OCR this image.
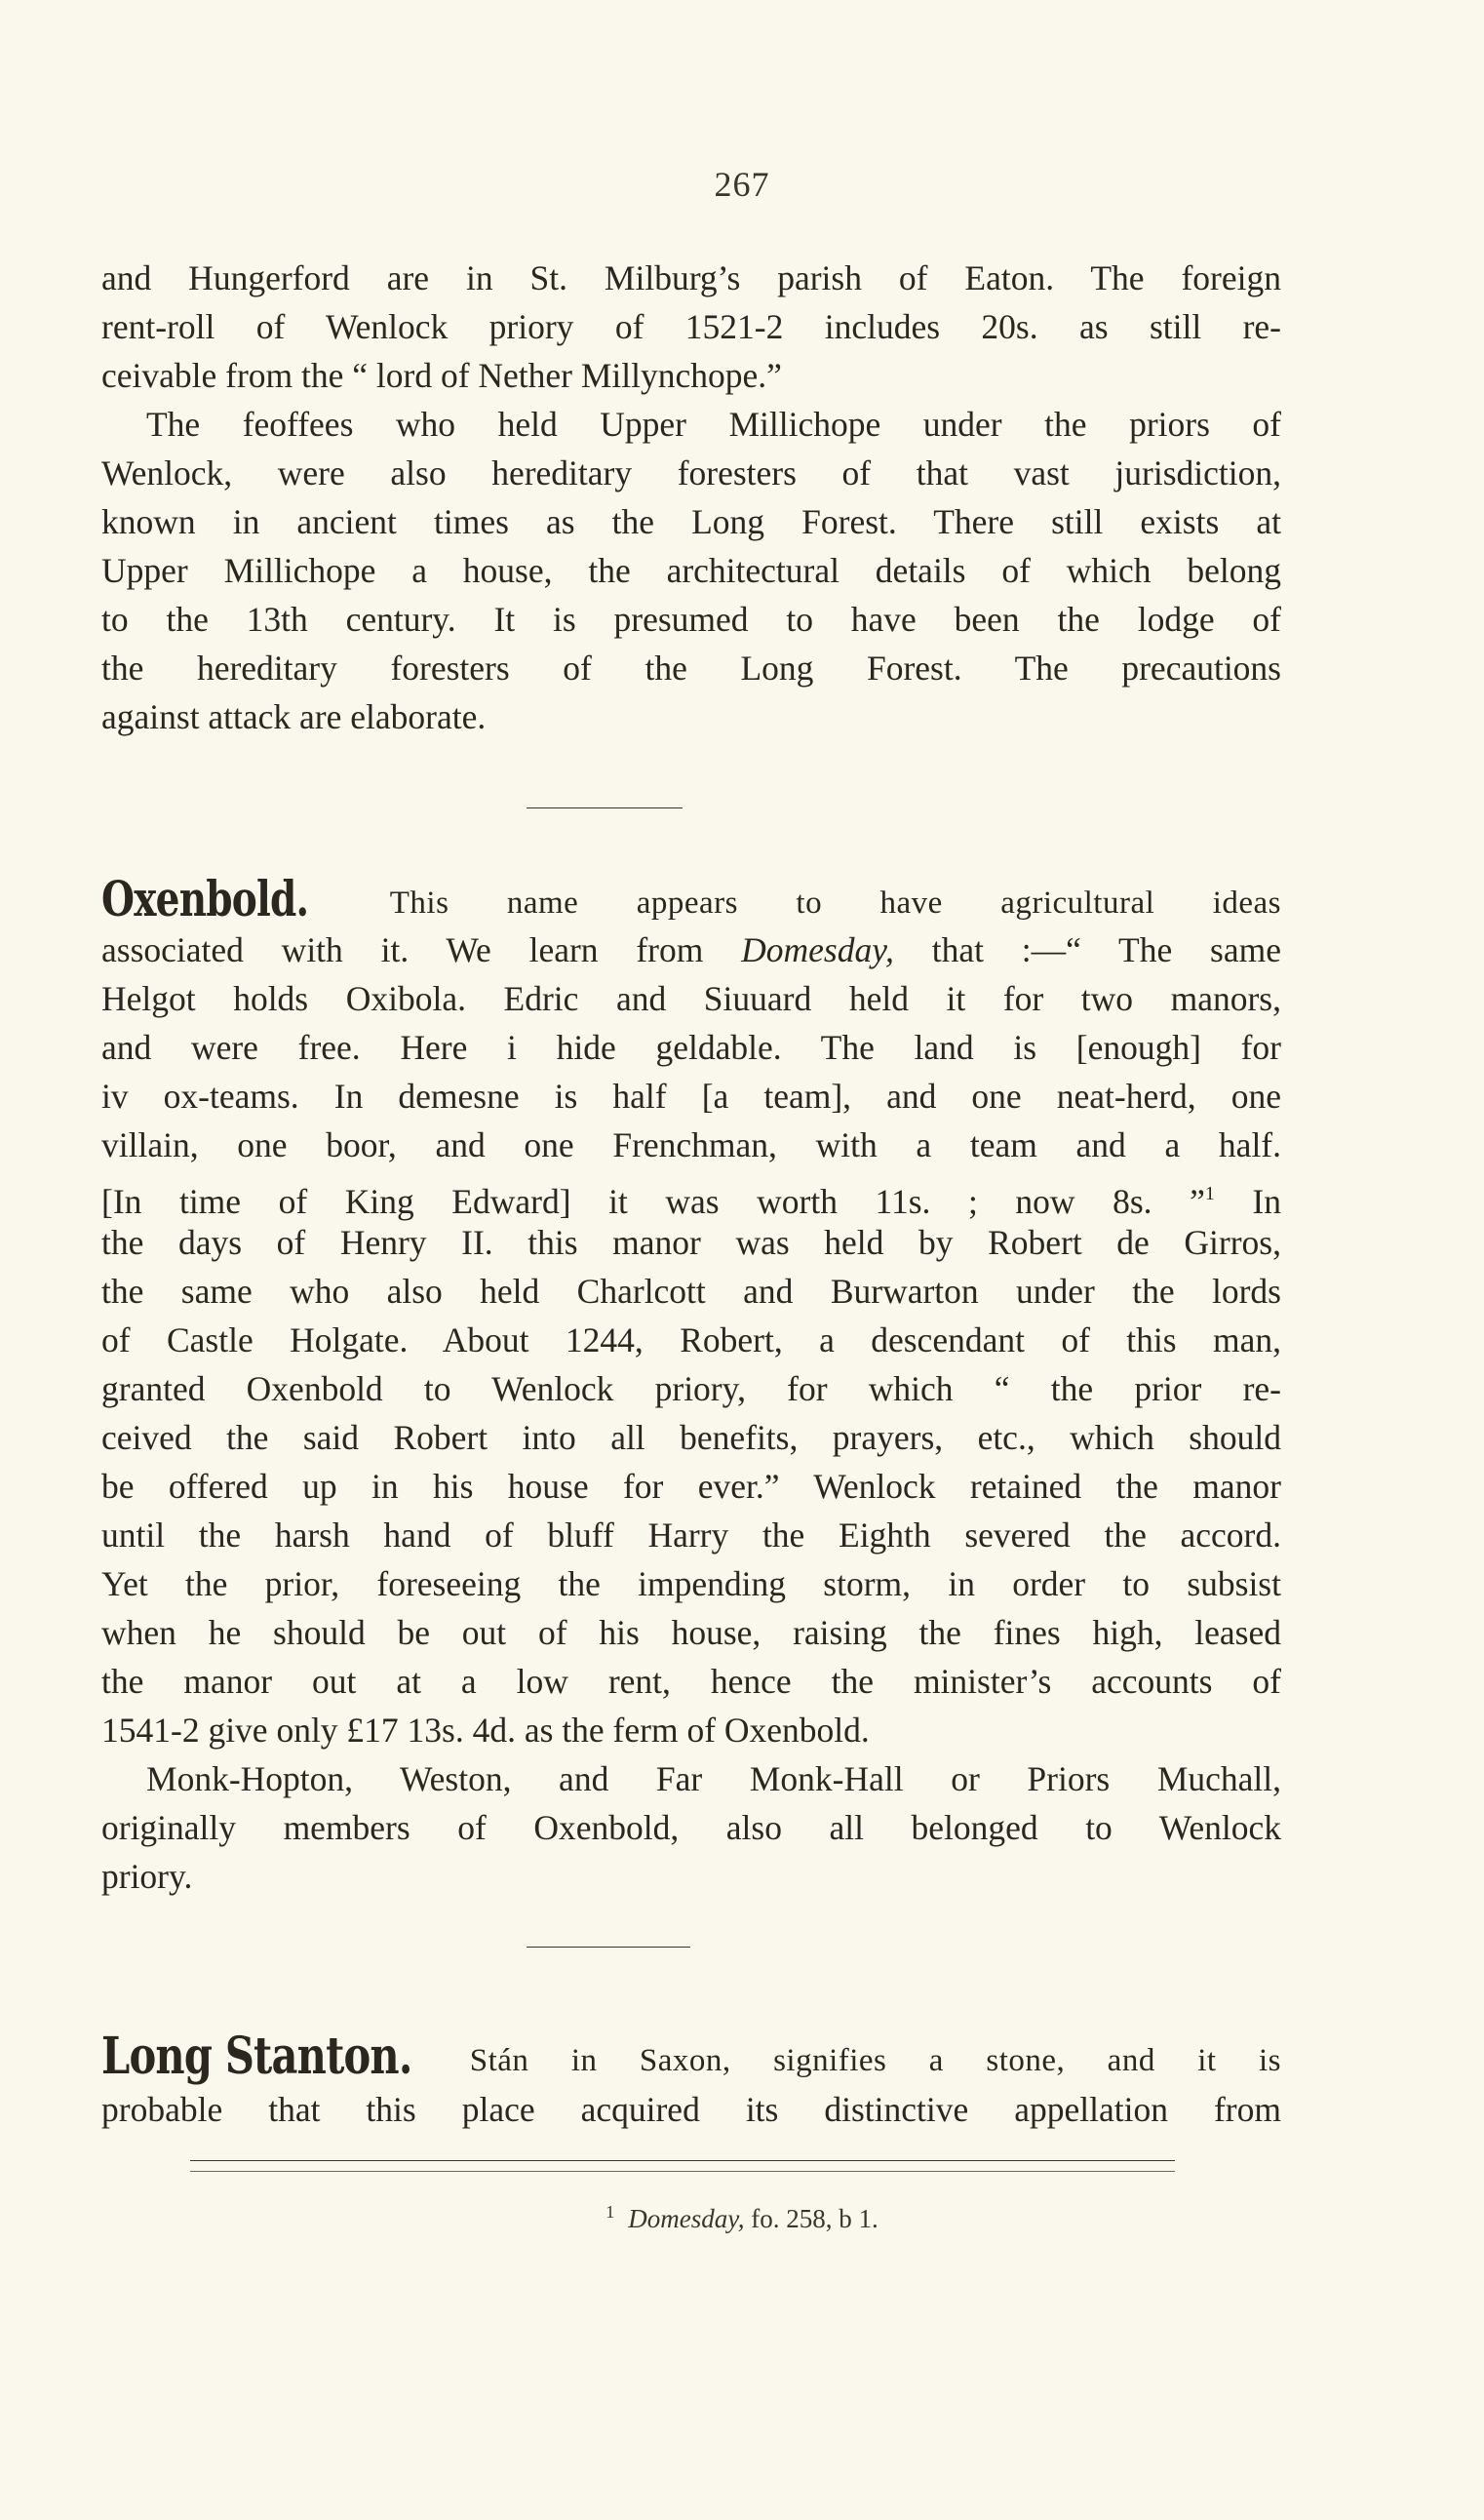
267
and Hungerford are in St. Milburg’s parish of Eaton. The foreign
rent-roll of Wenlock priory of 1521-2 includes 20s. as still re-
ceivable from the “ lord of Nether Millynchope.”
The feoffees who held Upper Millichope under the priors of
Wenlock, were also hereditary foresters of that vast jurisdiction,
known in ancient times as the Long Forest. There still exists at
Upper Millichope a house, the architectural details of which belong
to the 13th century. It is presumed to have been the lodge of
the hereditary foresters of the Long Forest. The precautions
against attack are elaborate.
Oxenbold.	This name appears to have agricultural ideas
associated with it. We learn from Domesday, that :—“ The same
Helgot holds Oxibola. Edric and Siuuard held it for two manors,
and were free. Here i hide geldable. The land is [enough] for
iv ox-teams. In demesne is half [a team], and one neat-herd, one
villain, one boor, and one Frenchman, with a team and a half.
[In time of King Edward] it was worth 11s. ; now 8s. ”$^1$ In
the days of Henry II. this manor was held by Robert de Girros,
the same who also held Charlcott and Burwarton under the lords
of Castle Holgate. About 1244, Robert, a descendant of this man,
granted Oxenbold to Wenlock priory, for which “ the prior re-
ceived the said Robert into all benefits, prayers, etc., which should
be offered up in his house for ever.” Wenlock retained the manor
until the harsh hand of bluff Harry the Eighth severed the accord.
Yet the prior, foreseeing the impending storm, in order to subsist
when he should be out of his house, raising the fines high, leased
the manor out at a low rent, hence the minister’s accounts of
1541-2 give only £17 13s. 4d. as the ferm of Oxenbold.
Monk-Hopton, Weston, and Far Monk-Hall or Priors Muchall,
originally members of Oxenbold, also all belonged to Wenlock
priory.
Long Stanton. Stán in Saxon, signifies a stone, and it is
probable that this place acquired its distinctive appellation from
$^1$ Domesday, fo. 258, b 1.
